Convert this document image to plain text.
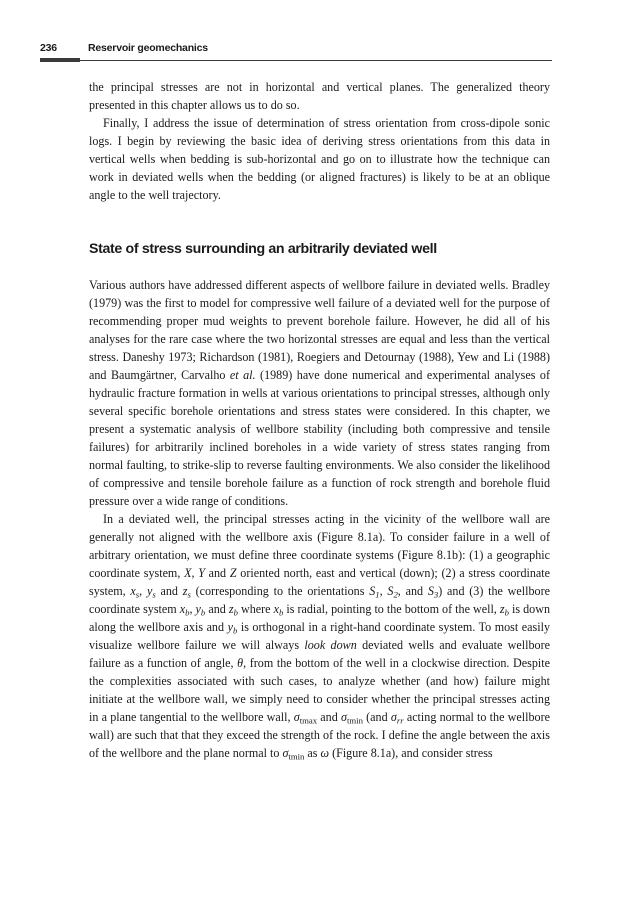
236	Reservoir geomechanics

the principal stresses are not in horizontal and vertical planes. The generalized theory presented in this chapter allows us to do so.

Finally, I address the issue of determination of stress orientation from cross-dipole sonic logs. I begin by reviewing the basic idea of deriving stress orientations from this data in vertical wells when bedding is sub-horizontal and go on to illustrate how the technique can work in deviated wells when the bedding (or aligned fractures) is likely to be at an oblique angle to the well trajectory.

State of stress surrounding an arbitrarily deviated well

Various authors have addressed different aspects of wellbore failure in deviated wells. Bradley (1979) was the first to model for compressive well failure of a deviated well for the purpose of recommending proper mud weights to prevent borehole failure. However, he did all of his analyses for the rare case where the two horizontal stresses are equal and less than the vertical stress. Daneshy 1973; Richardson (1981), Roegiers and Detournay (1988), Yew and Li (1988) and Baumgärtner, Carvalho et al. (1989) have done numerical and experimental analyses of hydraulic fracture formation in wells at various orientations to principal stresses, although only several specific borehole orientations and stress states were considered. In this chapter, we present a systematic analysis of wellbore stability (including both compressive and tensile failures) for arbitrarily inclined boreholes in a wide variety of stress states ranging from normal faulting, to strike-slip to reverse faulting environments. We also consider the likelihood of compressive and tensile borehole failure as a function of rock strength and borehole fluid pressure over a wide range of conditions.

In a deviated well, the principal stresses acting in the vicinity of the wellbore wall are generally not aligned with the wellbore axis (Figure 8.1a). To consider failure in a well of arbitrary orientation, we must define three coordinate systems (Figure 8.1b): (1) a geographic coordinate system, X, Y and Z oriented north, east and vertical (down); (2) a stress coordinate system, $x_s$, $y_s$ and $z_s$ (corresponding to the orientations $S_1$, $S_2$, and $S_3$) and (3) the wellbore coordinate system $x_b$, $y_b$ and $z_b$ where $x_b$ is radial, pointing to the bottom of the well, $z_b$ is down along the wellbore axis and $y_b$ is orthogonal in a right-hand coordinate system. To most easily visualize wellbore failure we will always look down deviated wells and evaluate wellbore failure as a function of angle, θ, from the bottom of the well in a clockwise direction. Despite the complexities associated with such cases, to analyze whether (and how) failure might initiate at the wellbore wall, we simply need to consider whether the principal stresses acting in a plane tangential to the wellbore wall, $\sigma_{tmax}$ and $\sigma_{tmin}$ (and $\sigma_{rr}$ acting normal to the wellbore wall) are such that that they exceed the strength of the rock. I define the angle between the axis of the wellbore and the plane normal to $\sigma_{tmin}$ as ω (Figure 8.1a), and consider stress
